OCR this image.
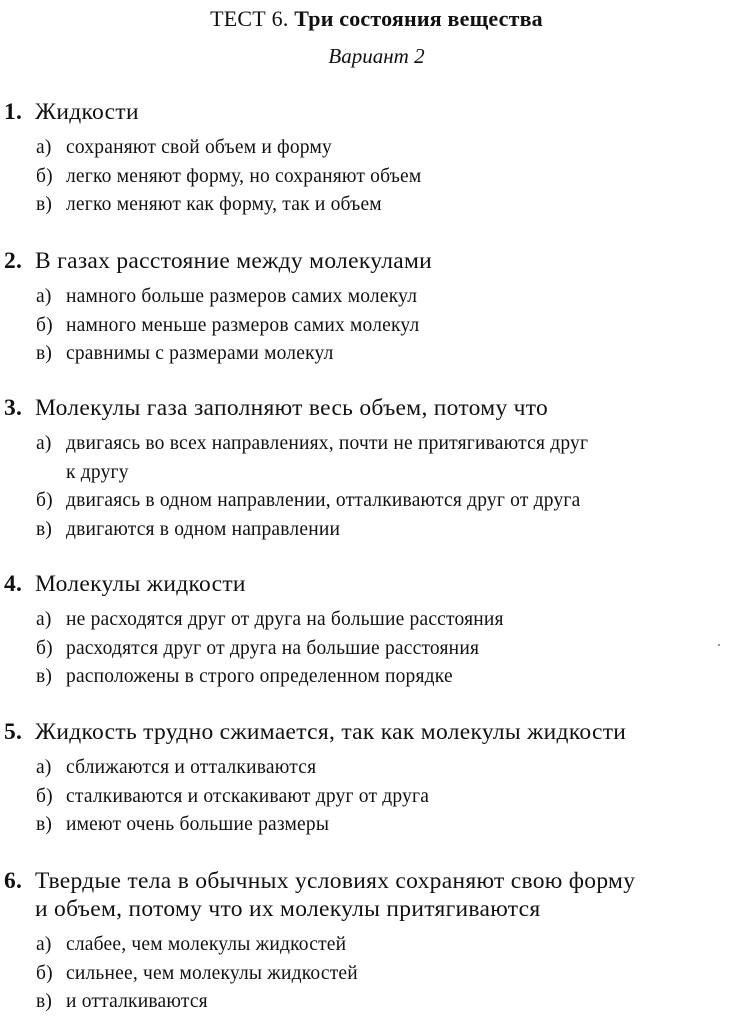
ТЕСТ 6. Три состояния вещества
Вариант 2
1. Жидкости
а) сохраняют свой объем и форму
б) легко меняют форму, но сохраняют объем
в) легко меняют как форму, так и объем
2. В газах расстояние между молекулами
а) намного больше размеров самих молекул
б) намного меньше размеров самих молекул
в) сравнимы с размерами молекул
3. Молекулы газа заполняют весь объем, потому что
а) двигаясь во всех направлениях, почти не притягиваются друг
к другу
б) двигаясь в одном направлении, отталкиваются друг от друга
в) двигаются в одном направлении
4. Молекулы жидкости
а) не расходятся друг от друга на большие расстояния
б) расходятся друг от друга на большие расстояния
в) расположены в строго определенном порядке
5. Жидкость трудно сжимается, так как молекулы жидкости
а) сближаются и отталкиваются
б) сталкиваются и отскакивают друг от друга
в) имеют очень большие размеры
6. Твердые тела в обычных условиях сохраняют свою форму
и объем, потому что их молекулы притягиваются
а) слабее, чем молекулы жидкостей
б) сильнее, чем молекулы жидкостей
в) и отталкиваются
